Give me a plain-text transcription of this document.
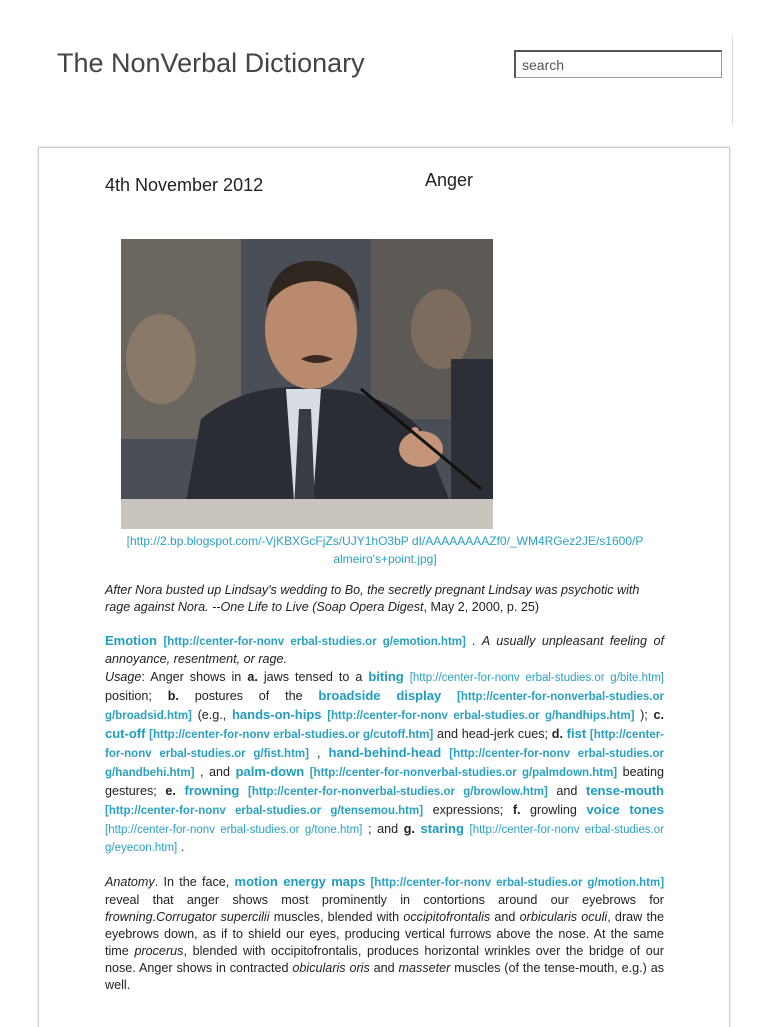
The NonVerbal Dictionary
search
4th November 2012	Anger
[http://2.bp.blogspot.com/-VjKBXGcFjZs/UJY1hO3bP dI/AAAAAAAAZf0/_WM4RGez2JE/s1600/P almeiro's+point.jpg]

After Nora busted up Lindsay's wedding to Bo, the secretly pregnant Lindsay was psychotic with rage against Nora. --One Life to Live (Soap Opera Digest, May 2, 2000, p. 25)

Emotion [http://center-for-nonv erbal-studies.or g/emotion.htm] . A usually unpleasant feeling of annoyance, resentment, or rage.

Usage: Anger shows in a. jaws tensed to a biting [http://center-for-nonv erbal-studies.or g/bite.htm] position; b. postures of the broadside display [http://center-for-nonverbal-studies.or g/broadsid.htm] (e.g., hands-on-hips [http://center-for-nonv erbal-studies.or g/handhips.htm] ); c. cut-off [http://center-for-nonv erbal-studies.or g/cutoff.htm] and head-jerk cues; d. fist [http://center-for-nonv erbal-studies.or g/fist.htm] , hand-behind-head [http://center-for-nonv erbal-studies.or g/handbehi.htm] , and palm-down [http://center-for-nonverbal-studies.or g/palmdown.htm] beating gestures; e. frowning [http://center-for-nonverbal-studies.or g/browlow.htm] and tense-mouth [http://center-for-nonv erbal-studies.or g/tensemou.htm] expressions; f. growling voice tones [http://center-for-nonv erbal-studies.or g/tone.htm] ; and g. staring [http://center-for-nonv erbal-studies.or g/eyecon.htm] .

Anatomy. In the face, motion energy maps [http://center-for-nonv erbal-studies.or g/motion.htm] reveal that anger shows most prominently in contortions around our eyebrows for frowning.Corrugator supercilii muscles, blended with occipitofrontalis and orbicularis oculi, draw the eyebrows down, as if to shield our eyes, producing vertical furrows above the nose. At the same time procerus, blended with occipitofrontalis, produces horizontal wrinkles over the bridge of our nose. Anger shows in contracted obicularis oris and masseter muscles (of the tense-mouth, e.g.) as well.
